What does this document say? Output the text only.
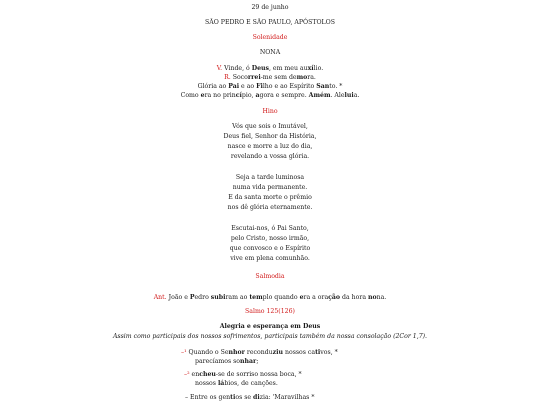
29 de junho
SÃO PEDRO E SÃO PAULO, APÓSTOLOS
Solenidade
NONA
V. Vinde, ó Deus, em meu auxílio.
R. Socorrei-me sem demora.
Glória ao Pai e ao Filho e ao Espírito Santo. *
Como era no princípio, agora e sempre. Amém. Aleluia.
Hino
Vós que sois o Imutável,
Deus fiel, Senhor da História,
nasce e morre a luz do dia,
revelando a vossa glória.
Seja a tarde luminosa
numa vida permanente.
E da santa morte o prêmio
nos dê glória eternamente.
Escutai-nos, ó Pai Santo,
pelo Cristo, nosso irmão,
que convosco e o Espírito
vive em plena comunhão.
Salmodia
Ant. João e Pedro subiram ao templo quando era a oração da hora nona.
Salmo 125(126)
Alegria e esperança em Deus
Assim como participais dos nossos sofrimentos, participais também da nossa consolação (2Cor 1,7).
–¹ Quando o Senhor reconduziu nossos cativos, *
parecíamos sonhar;
–² encheu-se de sorriso nossa boca, *
nossos lábios, de canções.
– Entre os gentios se dizia: 'Maravilhas *
